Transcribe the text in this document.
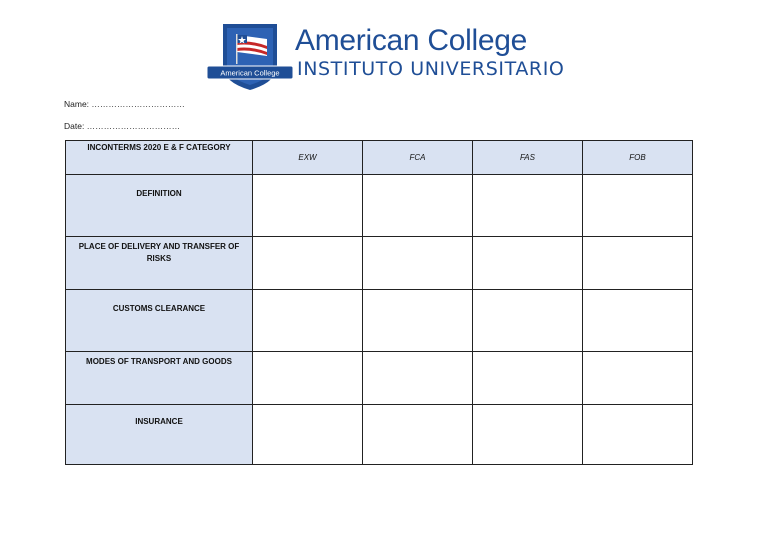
American College
American College
INSTITUTO UNIVERSITARIO
Name: ……………………………
Date: ……………………………
INCONTERMS 2020 E & F CATEGORY	EXW	FCA	FAS	FOB
DEFINITION				
PLACE OF DELIVERY AND TRANSFER OF RISKS				
CUSTOMS CLEARANCE				
MODES OF TRANSPORT AND GOODS				
INSURANCE				
